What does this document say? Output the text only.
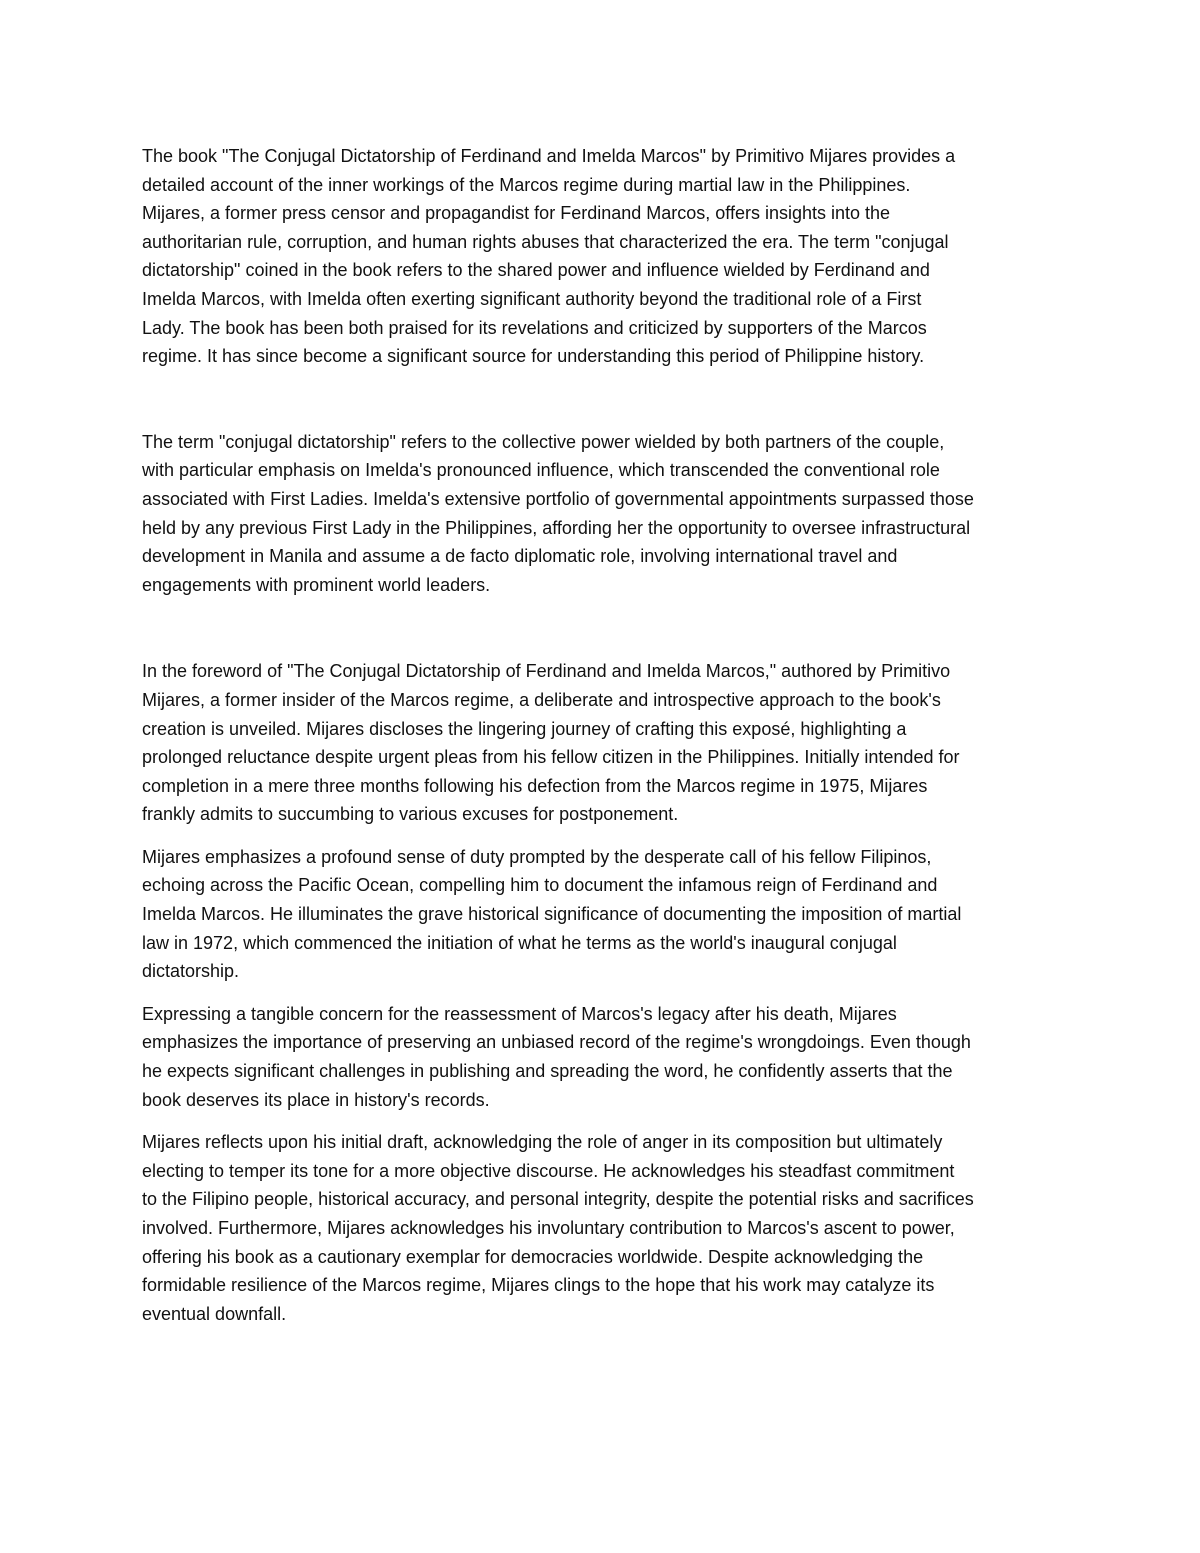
The book "The Conjugal Dictatorship of Ferdinand and Imelda Marcos" by Primitivo Mijares provides a
detailed account of the inner workings of the Marcos regime during martial law in the Philippines.
Mijares, a former press censor and propagandist for Ferdinand Marcos, offers insights into the
authoritarian rule, corruption, and human rights abuses that characterized the era. The term "conjugal
dictatorship" coined in the book refers to the shared power and influence wielded by Ferdinand and
Imelda Marcos, with Imelda often exerting significant authority beyond the traditional role of a First
Lady. The book has been both praised for its revelations and criticized by supporters of the Marcos
regime. It has since become a significant source for understanding this period of Philippine history.

The term "conjugal dictatorship" refers to the collective power wielded by both partners of the couple,
with particular emphasis on Imelda's pronounced influence, which transcended the conventional role
associated with First Ladies. Imelda's extensive portfolio of governmental appointments surpassed those
held by any previous First Lady in the Philippines, affording her the opportunity to oversee infrastructural
development in Manila and assume a de facto diplomatic role, involving international travel and
engagements with prominent world leaders.

In the foreword of "The Conjugal Dictatorship of Ferdinand and Imelda Marcos," authored by Primitivo
Mijares, a former insider of the Marcos regime, a deliberate and introspective approach to the book's
creation is unveiled. Mijares discloses the lingering journey of crafting this exposé, highlighting a
prolonged reluctance despite urgent pleas from his fellow citizen in the Philippines. Initially intended for
completion in a mere three months following his defection from the Marcos regime in 1975, Mijares
frankly admits to succumbing to various excuses for postponement.

Mijares emphasizes a profound sense of duty prompted by the desperate call of his fellow Filipinos,
echoing across the Pacific Ocean, compelling him to document the infamous reign of Ferdinand and
Imelda Marcos. He illuminates the grave historical significance of documenting the imposition of martial
law in 1972, which commenced the initiation of what he terms as the world's inaugural conjugal
dictatorship.

Expressing a tangible concern for the reassessment of Marcos's legacy after his death, Mijares
emphasizes the importance of preserving an unbiased record of the regime's wrongdoings. Even though
he expects significant challenges in publishing and spreading the word, he confidently asserts that the
book deserves its place in history's records.

Mijares reflects upon his initial draft, acknowledging the role of anger in its composition but ultimately
electing to temper its tone for a more objective discourse. He acknowledges his steadfast commitment
to the Filipino people, historical accuracy, and personal integrity, despite the potential risks and sacrifices
involved. Furthermore, Mijares acknowledges his involuntary contribution to Marcos's ascent to power,
offering his book as a cautionary exemplar for democracies worldwide. Despite acknowledging the
formidable resilience of the Marcos regime, Mijares clings to the hope that his work may catalyze its
eventual downfall.
